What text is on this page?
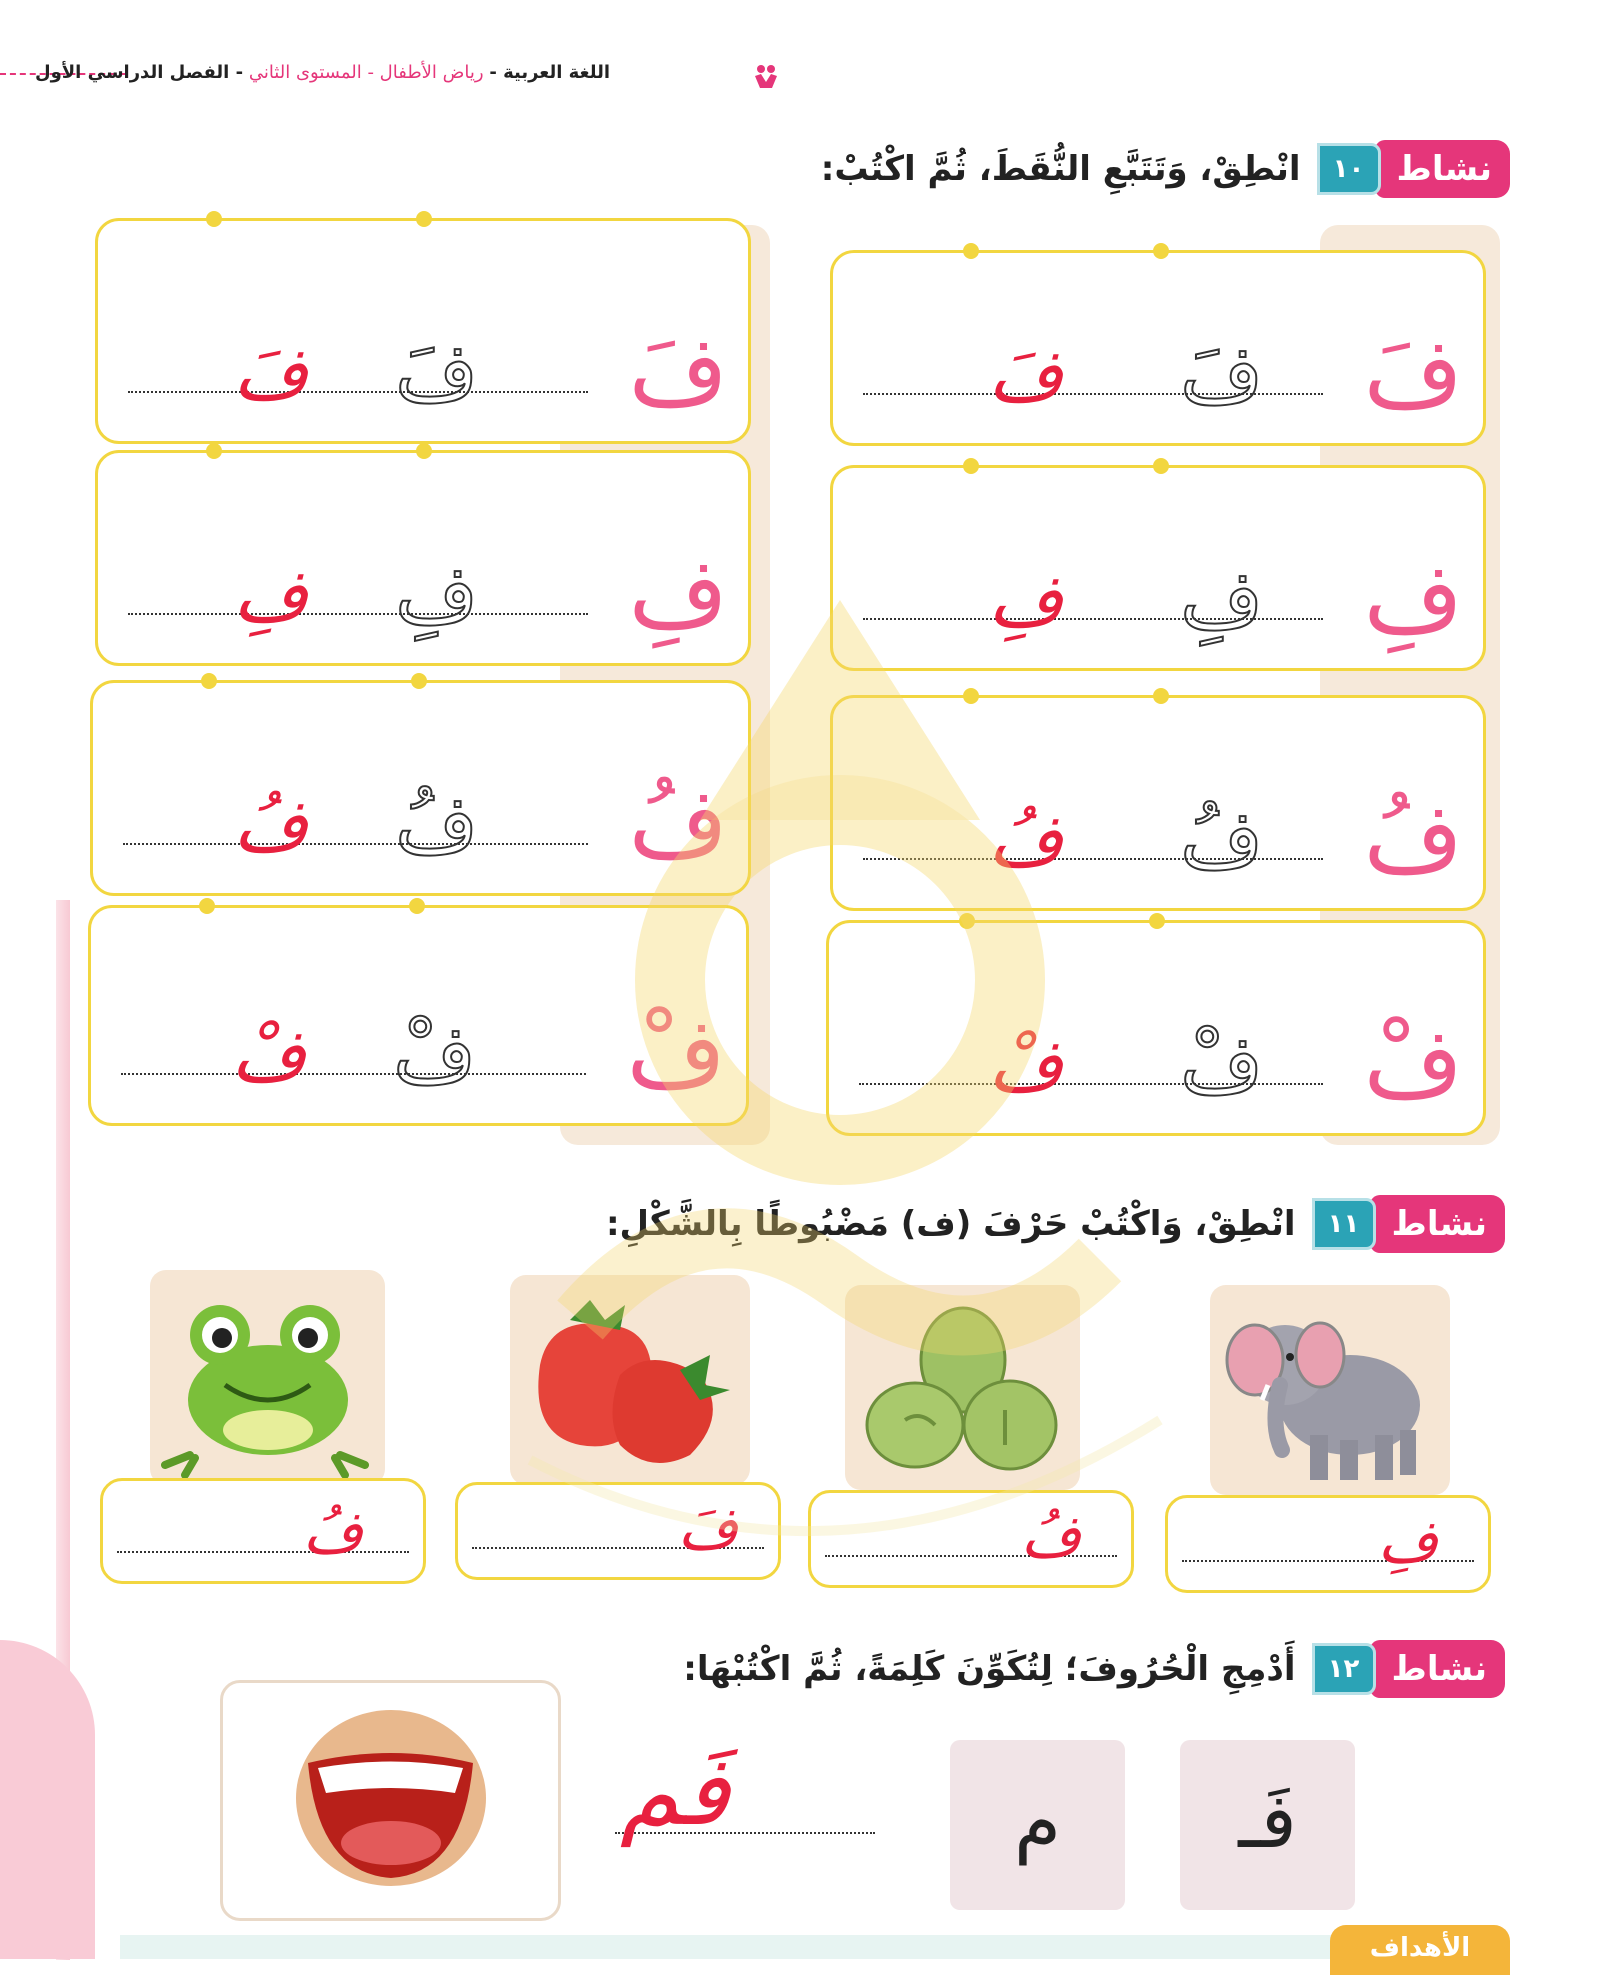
اللغة العربية - رياض الأطفال - المستوى الثاني - الفصل الدراسي الأول
نشاط
١٠
انْطِقْ، وَتَتَبَّعِ النُّقَطَ، ثُمَّ اكْتُبْ:
فَ
فَ
فَ
فِ
فِ
فِ
فُ
فُ
فُ
فْ
فْ
فْ
فَ
فَ
فَ
فِ
فِ
فِ
فُ
فُ
فُ
فْ
فْ
فْ
نشاط
١١
انْطِقْ، وَاكْتُبْ حَرْفَ (ف) مَضْبُوطًا بِالشَّكْلِ:
فِ
فُ
فَ
فُ
نشاط
١٢
أَدْمِجِ الْحُرُوفَ؛ لِتُكَوِّنَ كَلِمَةً، ثُمَّ اكْتُبْهَا:
فَـ
م
فَم
الأهداف
